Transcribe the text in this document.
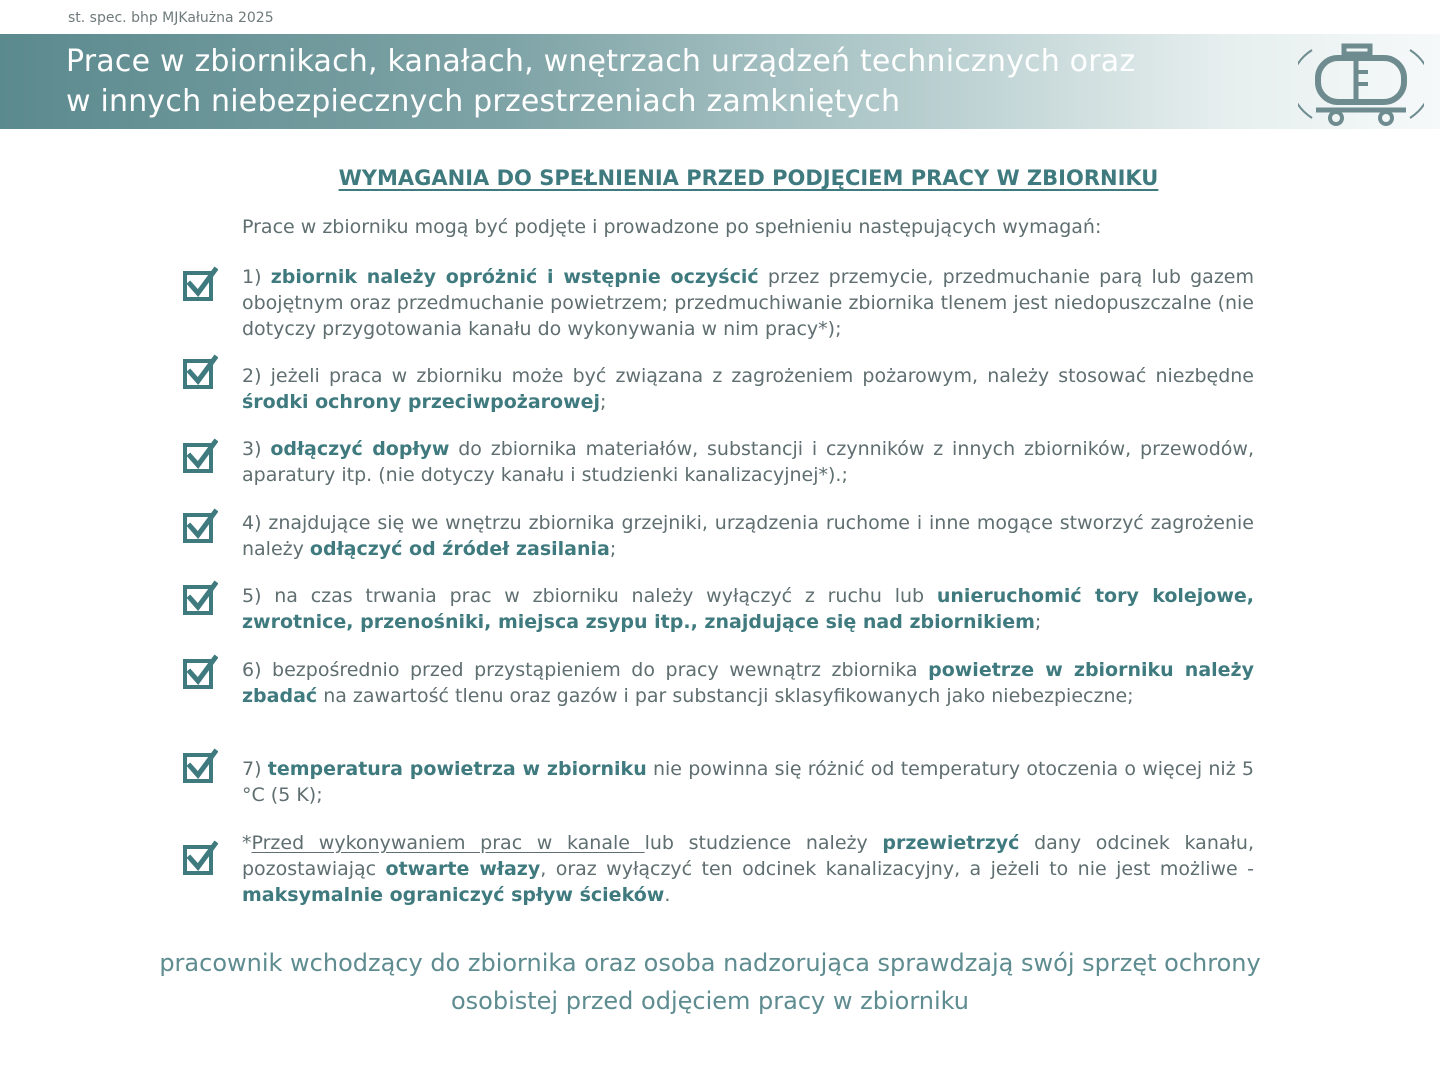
st. spec. bhp MJKałużna 2025
Prace w zbiornikach, kanałach, wnętrzach urządzeń technicznych oraz
w innych niebezpiecznych przestrzeniach zamkniętych
WYMAGANIA DO SPEŁNIENIA PRZED PODJĘCIEM PRACY W ZBIORNIKU
Prace w zbiorniku mogą być podjęte i prowadzone po spełnieniu następujących wymagań:
1) zbiornik należy opróżnić i wstępnie oczyścić przez przemycie, przedmuchanie parą lub gazem obojętnym oraz przedmuchanie powietrzem; przedmuchiwanie zbiornika tlenem jest niedopuszczalne (nie dotyczy przygotowania kanału do wykonywania w nim pracy*);
2) jeżeli praca w zbiorniku może być związana z zagrożeniem pożarowym, należy stosować niezbędne środki ochrony przeciwpożarowej;
3) odłączyć dopływ do zbiornika materiałów, substancji i czynników z innych zbiorników, przewodów, aparatury itp. (nie dotyczy kanału i studzienki kanalizacyjnej*).;
4) znajdujące się we wnętrzu zbiornika grzejniki, urządzenia ruchome i inne mogące stworzyć zagrożenie należy odłączyć od źródeł zasilania;
5) na czas trwania prac w zbiorniku należy wyłączyć z ruchu lub unieruchomić tory kolejowe, zwrotnice, przenośniki, miejsca zsypu itp., znajdujące się nad zbiornikiem;
6) bezpośrednio przed przystąpieniem do pracy wewnątrz zbiornika powietrze w zbiorniku należy zbadać na zawartość tlenu oraz gazów i par substancji sklasyfikowanych jako niebezpieczne;
7) temperatura powietrza w zbiorniku nie powinna się różnić od temperatury otoczenia o więcej niż 5 °C (5 K);
*Przed wykonywaniem prac w kanale lub studzience należy przewietrzyć dany odcinek kanału, pozostawiając otwarte włazy, oraz wyłączyć ten odcinek kanalizacyjny, a jeżeli to nie jest możliwe - maksymalnie ograniczyć spływ ścieków.
pracownik wchodzący do zbiornika oraz osoba nadzorująca sprawdzają swój sprzęt ochrony
osobistej przed odjęciem pracy w zbiorniku
